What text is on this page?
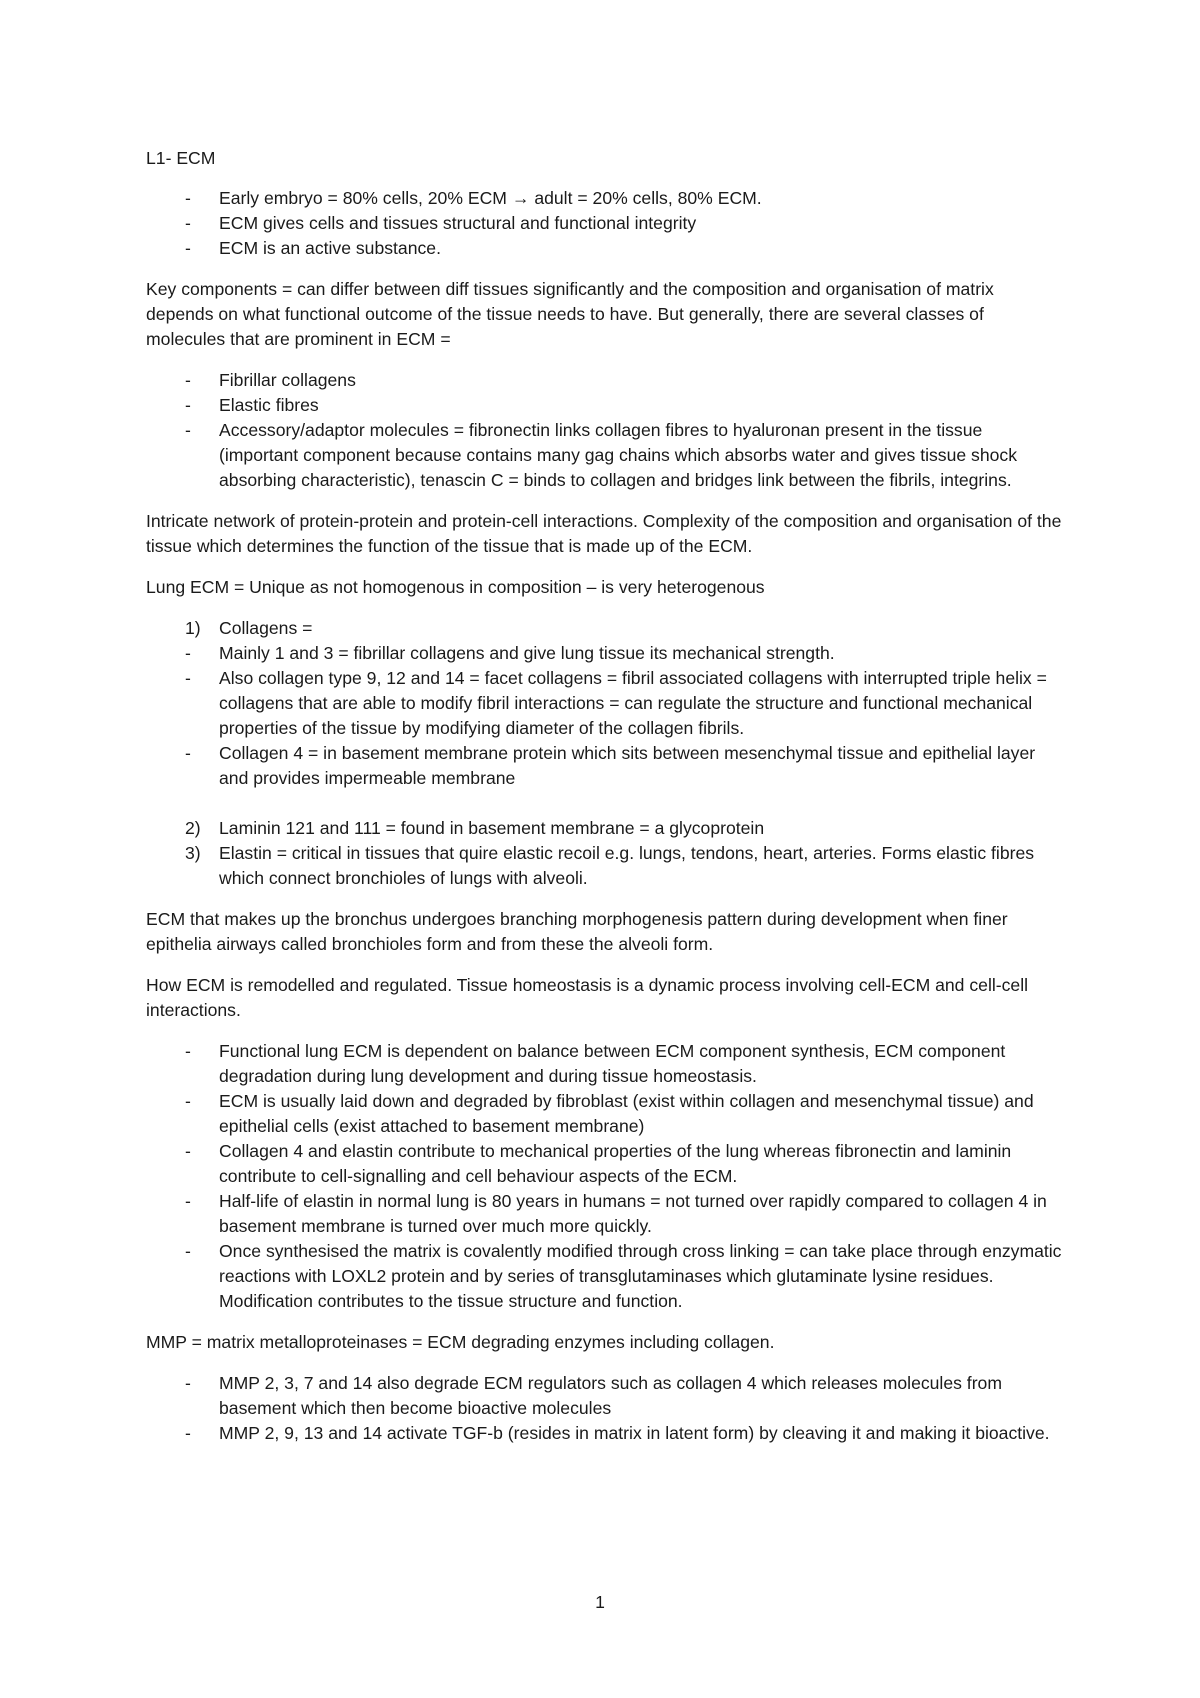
L1- ECM

- Early embryo = 80% cells, 20% ECM → adult = 20% cells, 80% ECM.
- ECM gives cells and tissues structural and functional integrity
- ECM is an active substance.

Key components = can differ between diff tissues significantly and the composition and organisation of matrix depends on what functional outcome of the tissue needs to have. But generally, there are several classes of molecules that are prominent in ECM =

- Fibrillar collagens
- Elastic fibres
- Accessory/adaptor molecules = fibronectin links collagen fibres to hyaluronan present in the tissue (important component because contains many gag chains which absorbs water and gives tissue shock absorbing characteristic), tenascin C = binds to collagen and bridges link between the fibrils, integrins.

Intricate network of protein-protein and protein-cell interactions. Complexity of the composition and organisation of the tissue which determines the function of the tissue that is made up of the ECM.

Lung ECM = Unique as not homogenous in composition – is very heterogenous

1) Collagens =
- Mainly 1 and 3 = fibrillar collagens and give lung tissue its mechanical strength.
- Also collagen type 9, 12 and 14 = facet collagens = fibril associated collagens with interrupted triple helix = collagens that are able to modify fibril interactions = can regulate the structure and functional mechanical properties of the tissue by modifying diameter of the collagen fibrils.
- Collagen 4 = in basement membrane protein which sits between mesenchymal tissue and epithelial layer and provides impermeable membrane
2) Laminin 121 and 111 = found in basement membrane = a glycoprotein
3) Elastin = critical in tissues that quire elastic recoil e.g. lungs, tendons, heart, arteries. Forms elastic fibres which connect bronchioles of lungs with alveoli.

ECM that makes up the bronchus undergoes branching morphogenesis pattern during development when finer epithelia airways called bronchioles form and from these the alveoli form.

How ECM is remodelled and regulated. Tissue homeostasis is a dynamic process involving cell-ECM and cell-cell interactions.

- Functional lung ECM is dependent on balance between ECM component synthesis, ECM component degradation during lung development and during tissue homeostasis.
- ECM is usually laid down and degraded by fibroblast (exist within collagen and mesenchymal tissue) and epithelial cells (exist attached to basement membrane)
- Collagen 4 and elastin contribute to mechanical properties of the lung whereas fibronectin and laminin contribute to cell-signalling and cell behaviour aspects of the ECM.
- Half-life of elastin in normal lung is 80 years in humans = not turned over rapidly compared to collagen 4 in basement membrane is turned over much more quickly.
- Once synthesised the matrix is covalently modified through cross linking = can take place through enzymatic reactions with LOXL2 protein and by series of transglutaminases which glutaminate lysine residues. Modification contributes to the tissue structure and function.

MMP = matrix metalloproteinases = ECM degrading enzymes including collagen.

- MMP 2, 3, 7 and 14 also degrade ECM regulators such as collagen 4 which releases molecules from basement which then become bioactive molecules
- MMP 2, 9, 13 and 14 activate TGF-b (resides in matrix in latent form) by cleaving it and making it bioactive.
1
